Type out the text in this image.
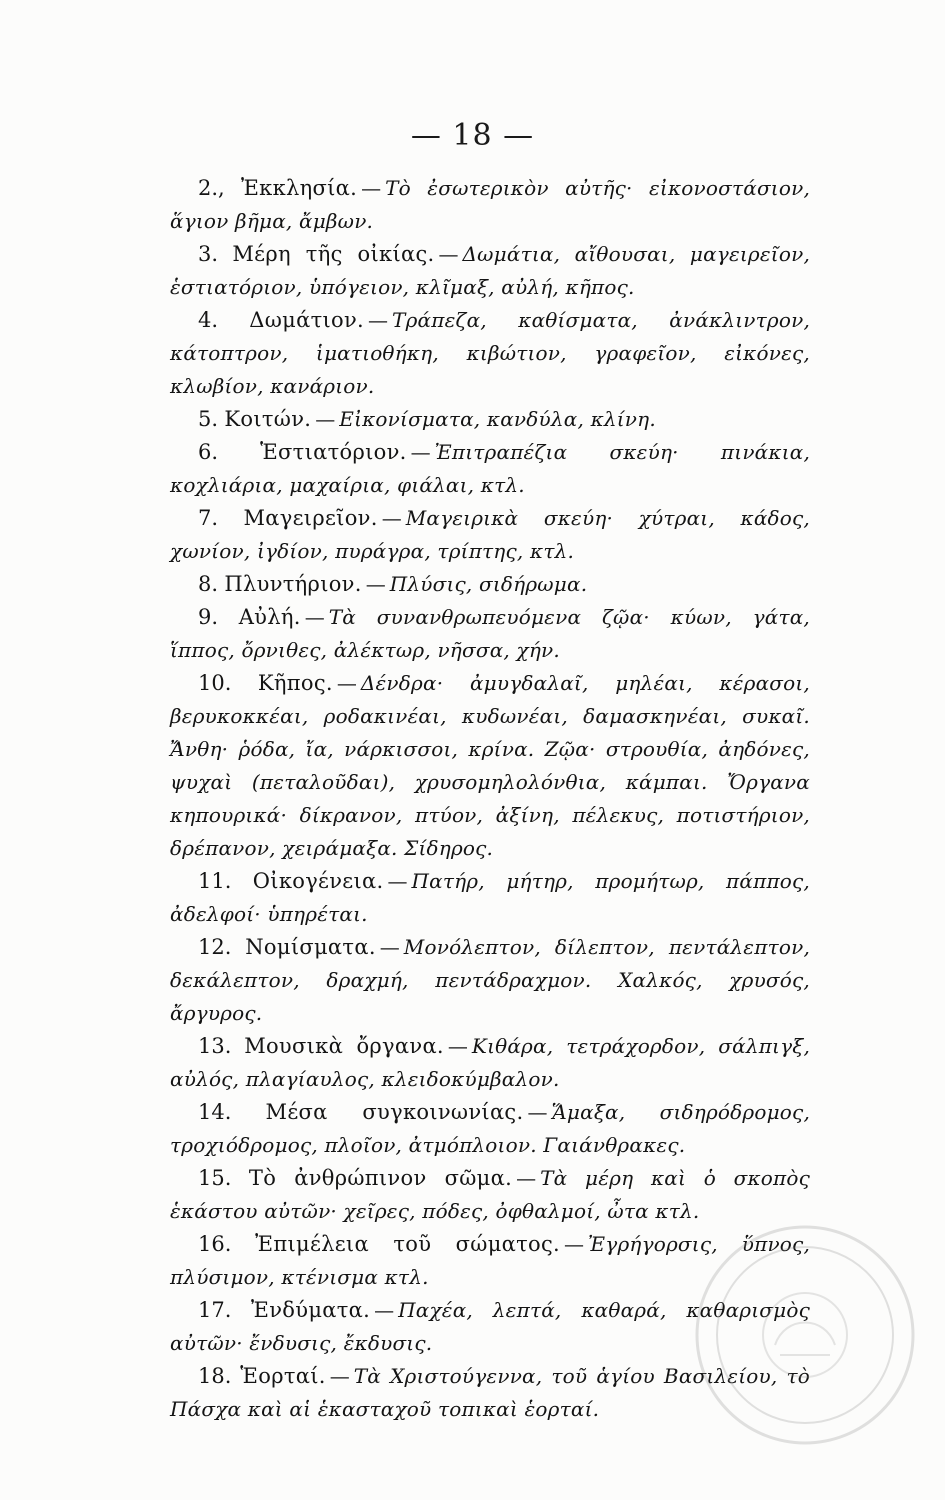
— 18 —

2., Ἐκκλησία. — Τὸ ἐσωτερικὸν αὐτῆς· εἰκονοστάσιον, ἅγιον βῆμα, ἄμβων.

3. Μέρη τῆς οἰκίας. — Δωμάτια, αἴθουσαι, μαγειρεῖον, ἑστιατόριον, ὑπόγειον, κλῖμαξ, αὐλή, κῆπος.

4. Δωμάτιον. — Τράπεζα, καθίσματα, ἀνάκλιντρον, κάτοπτρον, ἱματιοθήκη, κιβώτιον, γραφεῖον, εἰκόνες, κλωβίον, κανάριον.

5. Κοιτών. — Εἰκονίσματα, κανδύλα, κλίνη.

6. Ἑστιατόριον. — Ἐπιτραπέζια σκεύη· πινάκια, κοχλιάρια, μαχαίρια, φιάλαι, κτλ.

7. Μαγειρεῖον. — Μαγειρικὰ σκεύη· χύτραι, κάδος, χωνίον, ἰγδίον, πυράγρα, τρίπτης, κτλ.

8. Πλυντήριον. — Πλύσις, σιδήρωμα.

9. Αὐλή. — Τὰ συνανθρωπευόμενα ζῷα· κύων, γάτα, ἵππος, ὄρνιθες, ἀλέκτωρ, νῆσσα, χήν.

10. Κῆπος. — Δένδρα· ἀμυγδαλαῖ, μηλέαι, κέρασοι, βερυκοκκέαι, ροδακινέαι, κυδωνέαι, δαμασκηνέαι, συκαῖ. Ἄνθη· ῥόδα, ἴα, νάρκισσοι, κρίνα. Ζῷα· στρουθία, ἀηδόνες, ψυχαὶ (πεταλοῦδαι), χρυσομηλολόνθια, κάμπαι. Ὄργανα κηπουρικά· δίκρανον, πτύον, ἀξίνη, πέλεκυς, ποτιστήριον, δρέπανον, χειράμαξα. Σίδηρος.

11. Οἰκογένεια. — Πατήρ, μήτηρ, προμήτωρ, πάππος, ἀδελφοί· ὑπηρέται.

12. Νομίσματα. — Μονόλεπτον, δίλεπτον, πεντάλεπτον, δεκάλεπτον, δραχμή, πεντάδραχμον. Χαλκός, χρυσός, ἄργυρος.

13. Μουσικὰ ὄργανα. — Κιθάρα, τετράχορδον, σάλπιγξ, αὐλός, πλαγίαυλος, κλειδοκύμβαλον.

14. Μέσα συγκοινωνίας. — Ἅμαξα, σιδηρόδρομος, τροχιόδρομος, πλοῖον, ἀτμόπλοιον. Γαιάνθρακες.

15. Τὸ ἀνθρώπινον σῶμα. — Τὰ μέρη καὶ ὁ σκοπὸς ἑκάστου αὐτῶν· χεῖρες, πόδες, ὀφθαλμοί, ὦτα κτλ.

16. Ἐπιμέλεια τοῦ σώματος. — Ἐγρήγορσις, ὕπνος, πλύσιμον, κτένισμα κτλ.

17. Ἐνδύματα. — Παχέα, λεπτά, καθαρά, καθαρισμὸς αὐτῶν· ἔνδυσις, ἔκδυσις.

18. Ἑορταί. — Τὰ Χριστούγεννα, τοῦ ἁγίου Βασιλείου, τὸ Πάσχα καὶ αἱ ἑκασταχοῦ τοπικαὶ ἑορταί.
